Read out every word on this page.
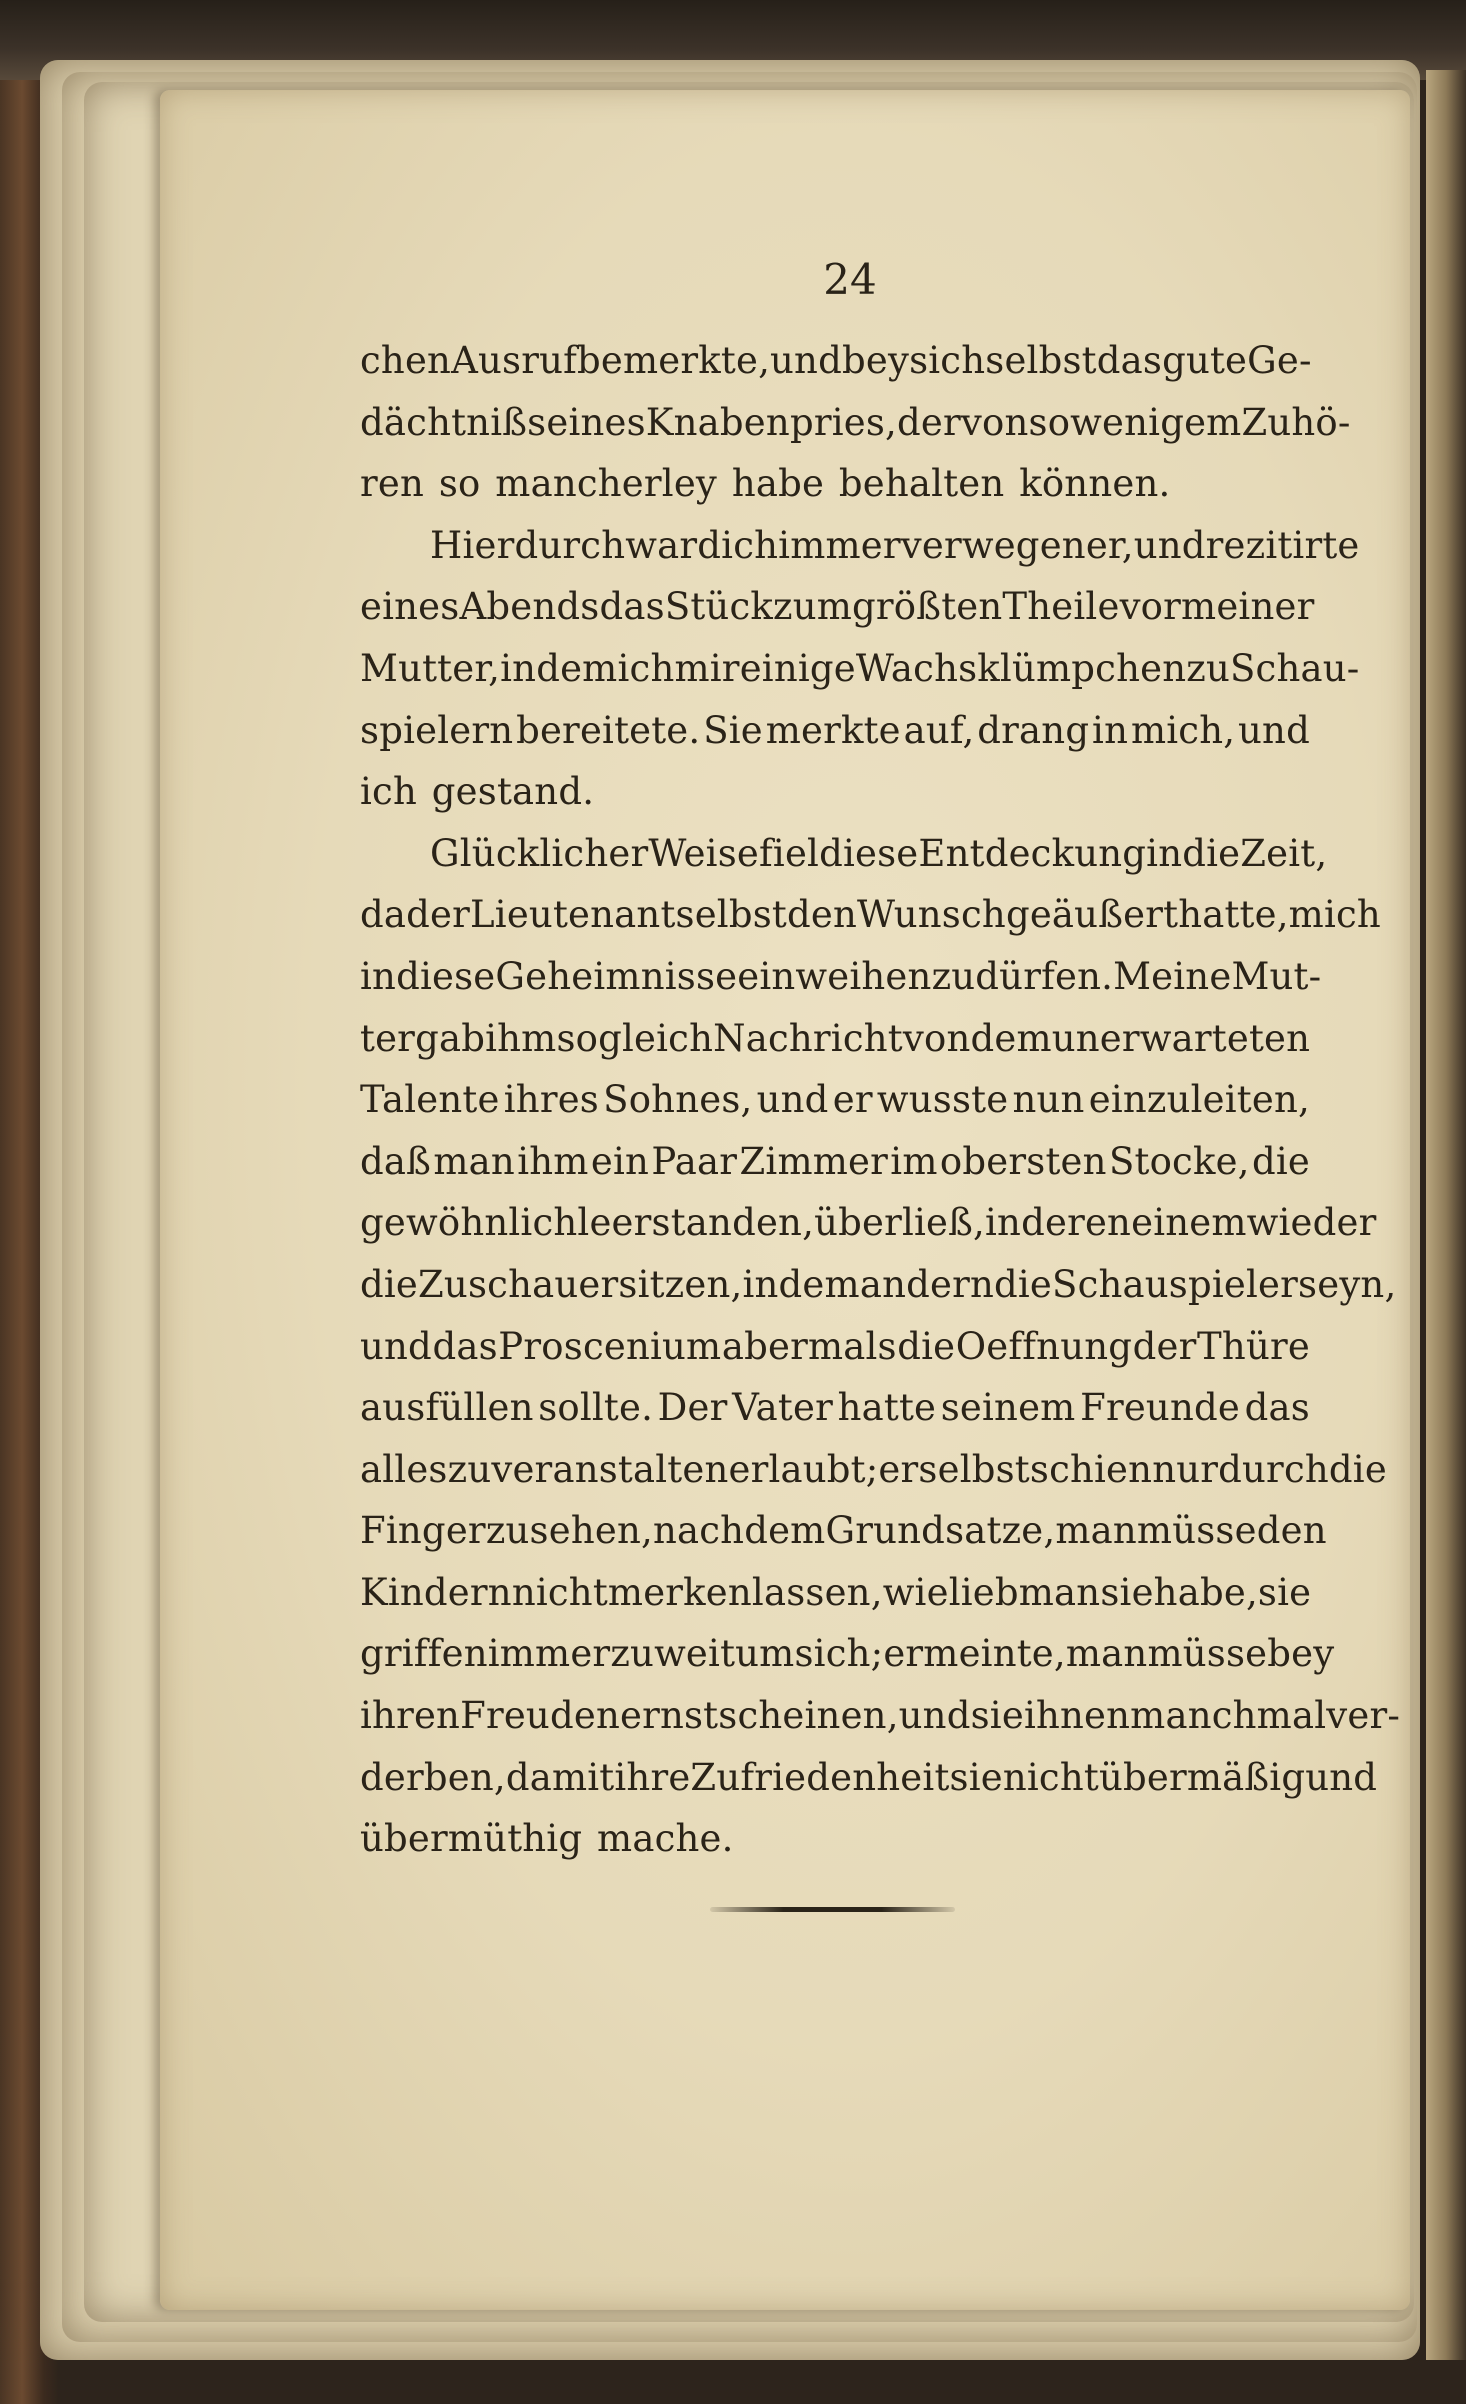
24
chen Ausruf bemerkte, und bey sich selbst das gute Ge-
dächtniß seines Knaben pries, der von so wenigem Zuhö-
ren so mancherley habe behalten können.
Hierdurch ward ich immer verwegener, und rezitirte
eines Abends das Stück zum größten Theile vor meiner
Mutter, indem ich mir einige Wachsklümpchen zu Schau-
spielern bereitete. Sie merkte auf, drang in mich, und
ich gestand.
Glücklicher Weise fiel diese Entdeckung in die Zeit,
da der Lieutenant selbst den Wunsch geäußert hatte, mich
in diese Geheimnisse einweihen zu dürfen. Meine Mut-
ter gab ihm sogleich Nachricht von dem unerwarteten
Talente ihres Sohnes, und er wusste nun einzuleiten,
daß man ihm ein Paar Zimmer im obersten Stocke, die
gewöhnlich leer standen, überließ, in deren einem wieder
die Zuschauer sitzen, in dem andern die Schauspieler seyn,
und das Proscenium abermals die Oeffnung der Thüre
ausfüllen sollte. Der Vater hatte seinem Freunde das
alles zu veranstalten erlaubt; er selbst schien nur durch die
Finger zu sehen, nach dem Grundsatze, man müsse den
Kindern nicht merken lassen, wie lieb man sie habe, sie
griffen immer zu weit um sich; er meinte, man müsse bey
ihren Freuden ernst scheinen, und sie ihnen manchmal ver-
derben, damit ihre Zufriedenheit sie nicht übermäßig und
übermüthig mache.
